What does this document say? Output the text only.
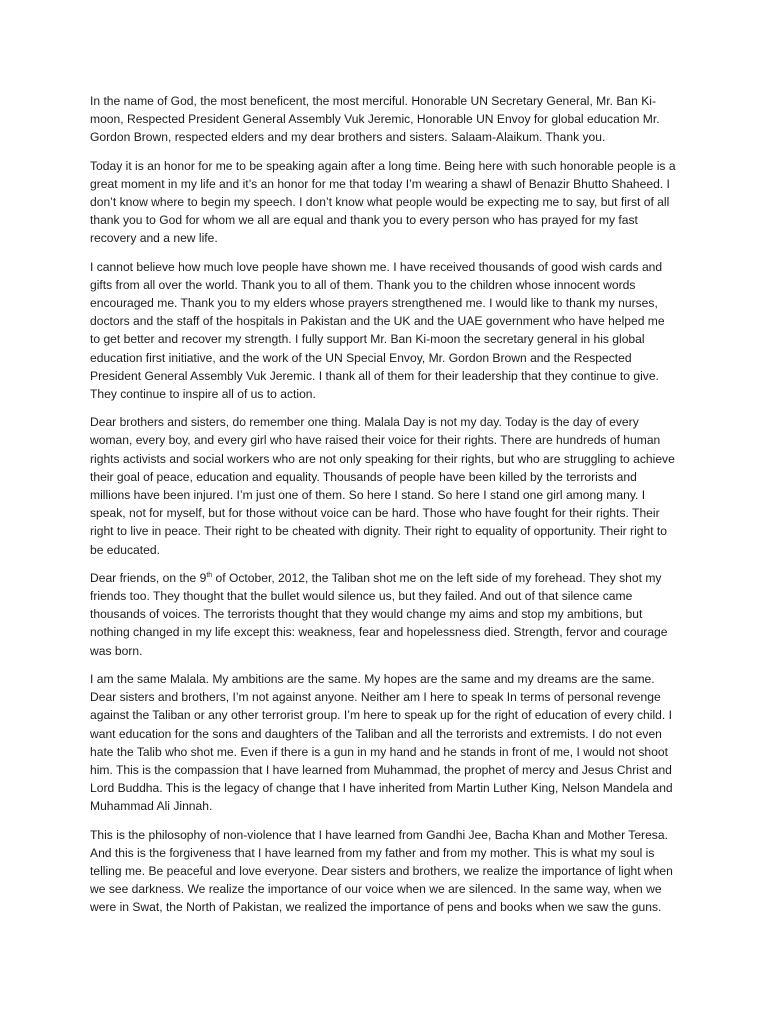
In the name of God, the most beneficent, the most merciful. Honorable UN Secretary General, Mr. Ban Ki-moon, Respected President General Assembly Vuk Jeremic, Honorable UN Envoy for global education Mr. Gordon Brown, respected elders and my dear brothers and sisters. Salaam-Alaikum. Thank you.

Today it is an honor for me to be speaking again after a long time. Being here with such honorable people is a great moment in my life and it’s an honor for me that today I’m wearing a shawl of Benazir Bhutto Shaheed. I don’t know where to begin my speech. I don’t know what people would be expecting me to say, but first of all thank you to God for whom we all are equal and thank you to every person who has prayed for my fast recovery and a new life.

I cannot believe how much love people have shown me. I have received thousands of good wish cards and gifts from all over the world. Thank you to all of them. Thank you to the children whose innocent words encouraged me. Thank you to my elders whose prayers strengthened me. I would like to thank my nurses, doctors and the staff of the hospitals in Pakistan and the UK and the UAE government who have helped me to get better and recover my strength. I fully support Mr. Ban Ki-moon the secretary general in his global education first initiative, and the work of the UN Special Envoy, Mr. Gordon Brown and the Respected President General Assembly Vuk Jeremic. I thank all of them for their leadership that they continue to give. They continue to inspire all of us to action.

Dear brothers and sisters, do remember one thing. Malala Day is not my day. Today is the day of every woman, every boy, and every girl who have raised their voice for their rights. There are hundreds of human rights activists and social workers who are not only speaking for their rights, but who are struggling to achieve their goal of peace, education and equality. Thousands of people have been killed by the terrorists and millions have been injured. I’m just one of them. So here I stand. So here I stand one girl among many. I speak, not for myself, but for those without voice can be hard. Those who have fought for their rights. Their right to live in peace. Their right to be cheated with dignity. Their right to equality of opportunity. Their right to be educated.

Dear friends, on the 9th of October, 2012, the Taliban shot me on the left side of my forehead. They shot my friends too. They thought that the bullet would silence us, but they failed. And out of that silence came thousands of voices. The terrorists thought that they would change my aims and stop my ambitions, but nothing changed in my life except this: weakness, fear and hopelessness died. Strength, fervor and courage was born.

I am the same Malala. My ambitions are the same. My hopes are the same and my dreams are the same. Dear sisters and brothers, I’m not against anyone. Neither am I here to speak In terms of personal revenge against the Taliban or any other terrorist group. I’m here to speak up for the right of education of every child. I want education for the sons and daughters of the Taliban and all the terrorists and extremists. I do not even hate the Talib who shot me. Even if there is a gun in my hand and he stands in front of me, I would not shoot him. This is the compassion that I have learned from Muhammad, the prophet of mercy and Jesus Christ and Lord Buddha. This is the legacy of change that I have inherited from Martin Luther King, Nelson Mandela and Muhammad Ali Jinnah.

This is the philosophy of non-violence that I have learned from Gandhi Jee, Bacha Khan and Mother Teresa. And this is the forgiveness that I have learned from my father and from my mother. This is what my soul is telling me. Be peaceful and love everyone. Dear sisters and brothers, we realize the importance of light when we see darkness. We realize the importance of our voice when we are silenced. In the same way, when we were in Swat, the North of Pakistan, we realized the importance of pens and books when we saw the guns.
